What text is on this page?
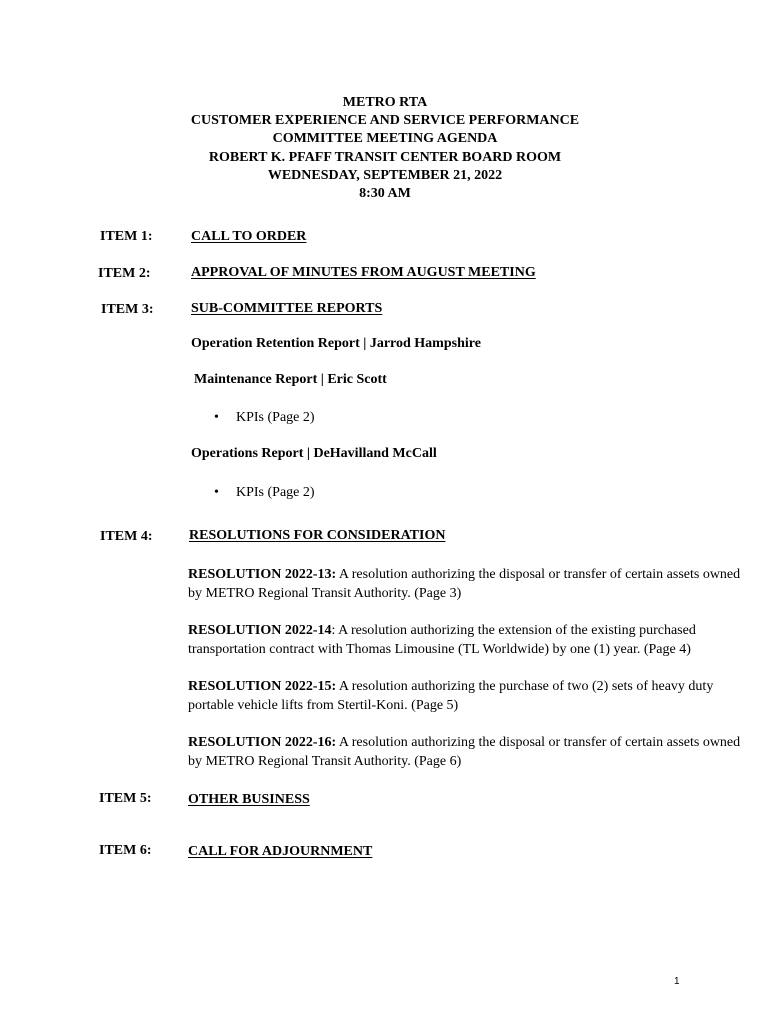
METRO RTA
CUSTOMER EXPERIENCE AND SERVICE PERFORMANCE
COMMITTEE MEETING AGENDA
ROBERT K. PFAFF TRANSIT CENTER BOARD ROOM
WEDNESDAY, SEPTEMBER 21, 2022
8:30 AM
ITEM 1:	CALL TO ORDER
ITEM 2:	APPROVAL OF MINUTES FROM AUGUST MEETING
ITEM 3:	SUB-COMMITTEE REPORTS
Operation Retention Report | Jarrod Hampshire
Maintenance Report | Eric Scott
• KPIs (Page 2)
Operations Report | DeHavilland McCall
• KPIs (Page 2)
ITEM 4:	RESOLUTIONS FOR CONSIDERATION
RESOLUTION 2022-13: A resolution authorizing the disposal or transfer of certain assets owned by METRO Regional Transit Authority. (Page 3)
RESOLUTION 2022-14: A resolution authorizing the extension of the existing purchased transportation contract with Thomas Limousine (TL Worldwide) by one (1) year. (Page 4)
RESOLUTION 2022-15: A resolution authorizing the purchase of two (2) sets of heavy duty portable vehicle lifts from Stertil-Koni. (Page 5)
RESOLUTION 2022-16: A resolution authorizing the disposal or transfer of certain assets owned by METRO Regional Transit Authority. (Page 6)
ITEM 5:	OTHER BUSINESS
ITEM 6:	CALL FOR ADJOURNMENT
1
